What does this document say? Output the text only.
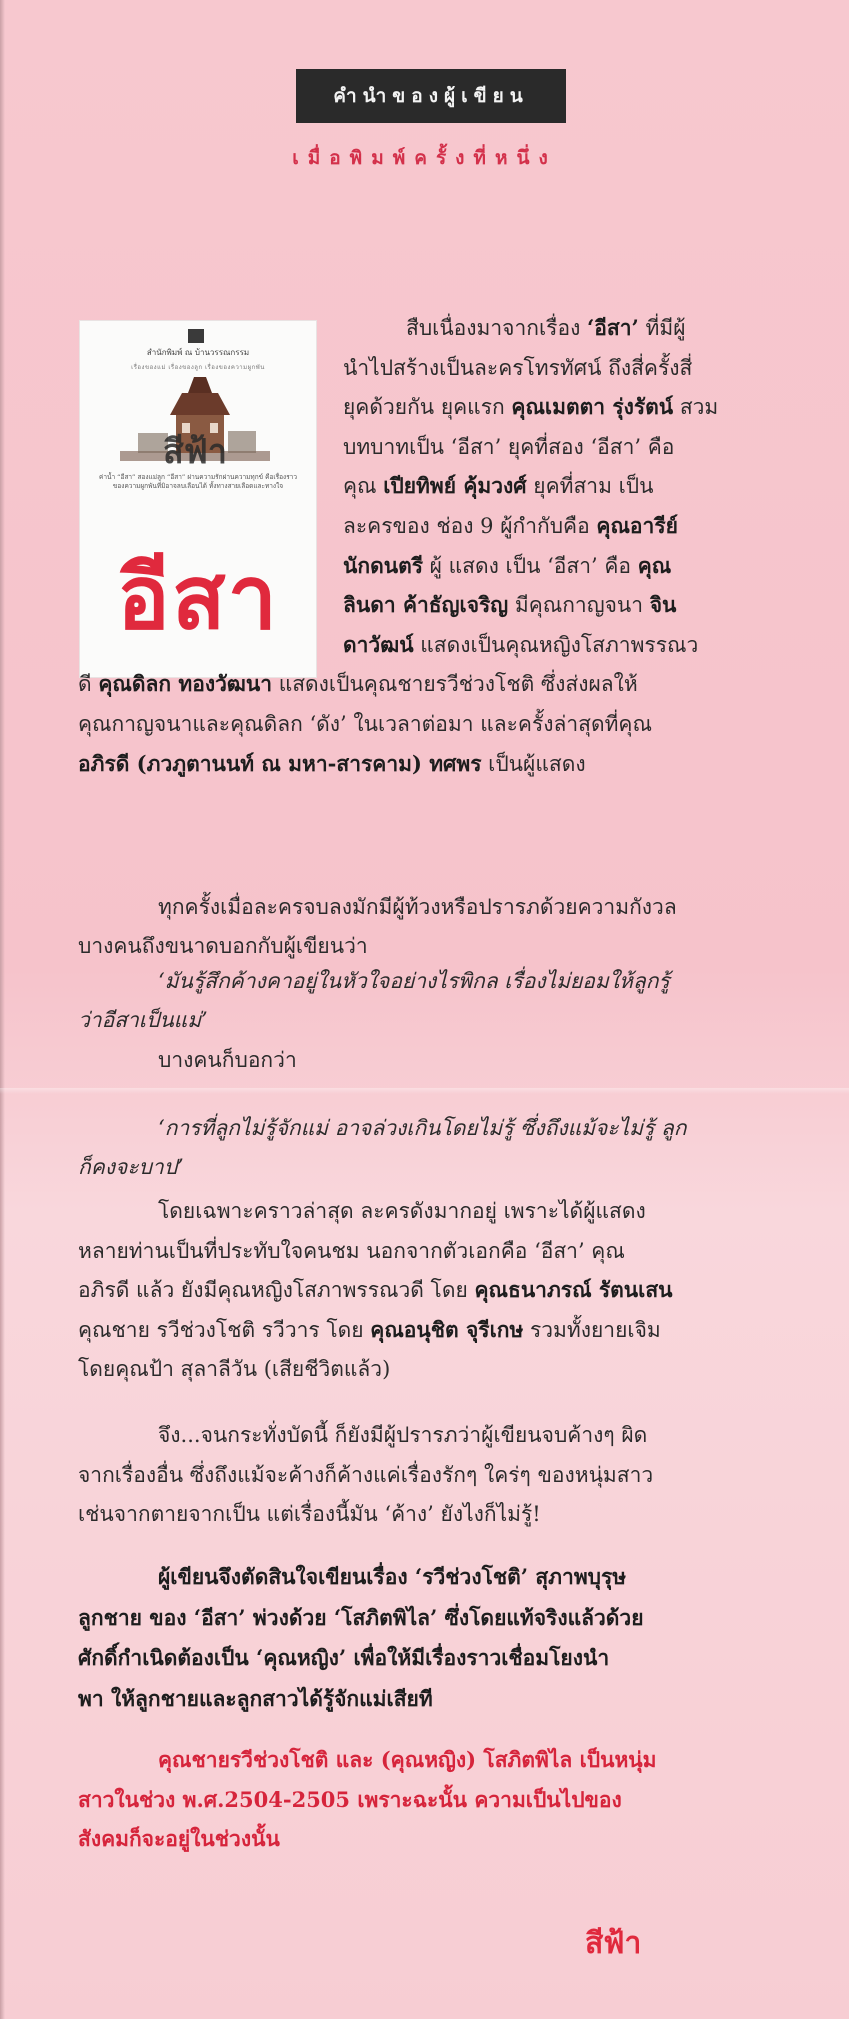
คำนำของผู้เขียน
เมื่อพิมพ์ครั้งที่หนึ่ง
สำนักพิมพ์ ณ บ้านวรรณกรรม
เรื่องของแม่ เรื่องของลูก เรื่องของความผูกพัน
สีฟ้า
ค่าน้ำ “อีสา” สองแม่ลูก “อีสา” ผ่านความรักผ่านความทุกข์ คือเรื่องราวของความผูกพันที่มิอาจลบเลือนได้ ทั้งทางสายเลือดและทางใจ
อีสา
สืบเนื่องมาจากเรื่อง ‘อีสา’ ที่มีผู้
นำไปสร้างเป็นละครโทรทัศน์ ถึงสี่ครั้งสี่
ยุคด้วยกัน ยุคแรก คุณเมตตา รุ่งรัตน์ สวม
บทบาทเป็น ‘อีสา’ ยุคที่สอง ‘อีสา’ คือ
คุณ เปียทิพย์ คุ้มวงศ์ ยุคที่สาม เป็น
ละครของ ช่อง 9 ผู้กำกับคือ คุณอารีย์
นักดนตรี ผู้ แสดง เป็น ‘อีสา’ คือ คุณ
ลินดา ค้าธัญเจริญ มีคุณกาญจนา จิน
ดาวัฒน์ แสดงเป็นคุณหญิงโสภาพรรณว
ดี คุณดิลก ทองวัฒนา แสดงเป็นคุณชายรวีช่วงโชติ ซึ่งส่งผลให้
คุณกาญจนาและคุณดิลก ‘ดัง’ ในเวลาต่อมา และครั้งล่าสุดที่คุณ
อภิรดี (ภวภูตานนท์ ณ มหา-สารคาม) ทศพร เป็นผู้แสดง
ทุกครั้งเมื่อละครจบลงมักมีผู้ท้วงหรือปรารภด้วยความกังวล
บางคนถึงขนาดบอกกับผู้เขียนว่า
‘มันรู้สึกค้างคาอยู่ในหัวใจอย่างไรพิกล เรื่องไม่ยอมให้ลูกรู้
ว่าอีสาเป็นแม่’
บางคนก็บอกว่า
‘การที่ลูกไม่รู้จักแม่ อาจล่วงเกินโดยไม่รู้ ซึ่งถึงแม้จะไม่รู้ ลูก
ก็คงจะบาป’
โดยเฉพาะคราวล่าสุด ละครดังมากอยู่ เพราะได้ผู้แสดง
หลายท่านเป็นที่ประทับใจคนชม นอกจากตัวเอกคือ ‘อีสา’ คุณ
อภิรดี แล้ว ยังมีคุณหญิงโสภาพรรณวดี โดย คุณธนาภรณ์ รัตนเสน
คุณชาย รวีช่วงโชติ รวีวาร โดย คุณอนุชิต จุรีเกษ รวมทั้งยายเจิม
โดยคุณป้า สุลาลีวัน (เสียชีวิตแล้ว)
จึง...จนกระทั่งบัดนี้ ก็ยังมีผู้ปรารภว่าผู้เขียนจบค้างๆ ผิด
จากเรื่องอื่น ซึ่งถึงแม้จะค้างก็ค้างแค่เรื่องรักๆ ใคร่ๆ ของหนุ่มสาว
เช่นจากตายจากเป็น แต่เรื่องนี้มัน ‘ค้าง’ ยังไงก็ไม่รู้!
ผู้เขียนจึงตัดสินใจเขียนเรื่อง ‘รวีช่วงโชติ’ สุภาพบุรุษ
ลูกชาย ของ ‘อีสา’ พ่วงด้วย ‘โสภิตพิไล’ ซึ่งโดยแท้จริงแล้วด้วย
ศักดิ์กำเนิดต้องเป็น ‘คุณหญิง’ เพื่อให้มีเรื่องราวเชื่อมโยงนำ
พา ให้ลูกชายและลูกสาวได้รู้จักแม่เสียที
คุณชายรวีช่วงโชติ และ (คุณหญิง) โสภิตพิไล เป็นหนุ่ม
สาวในช่วง พ.ศ.2504-2505 เพราะฉะนั้น ความเป็นไปของ
สังคมก็จะอยู่ในช่วงนั้น
สีฟ้า
